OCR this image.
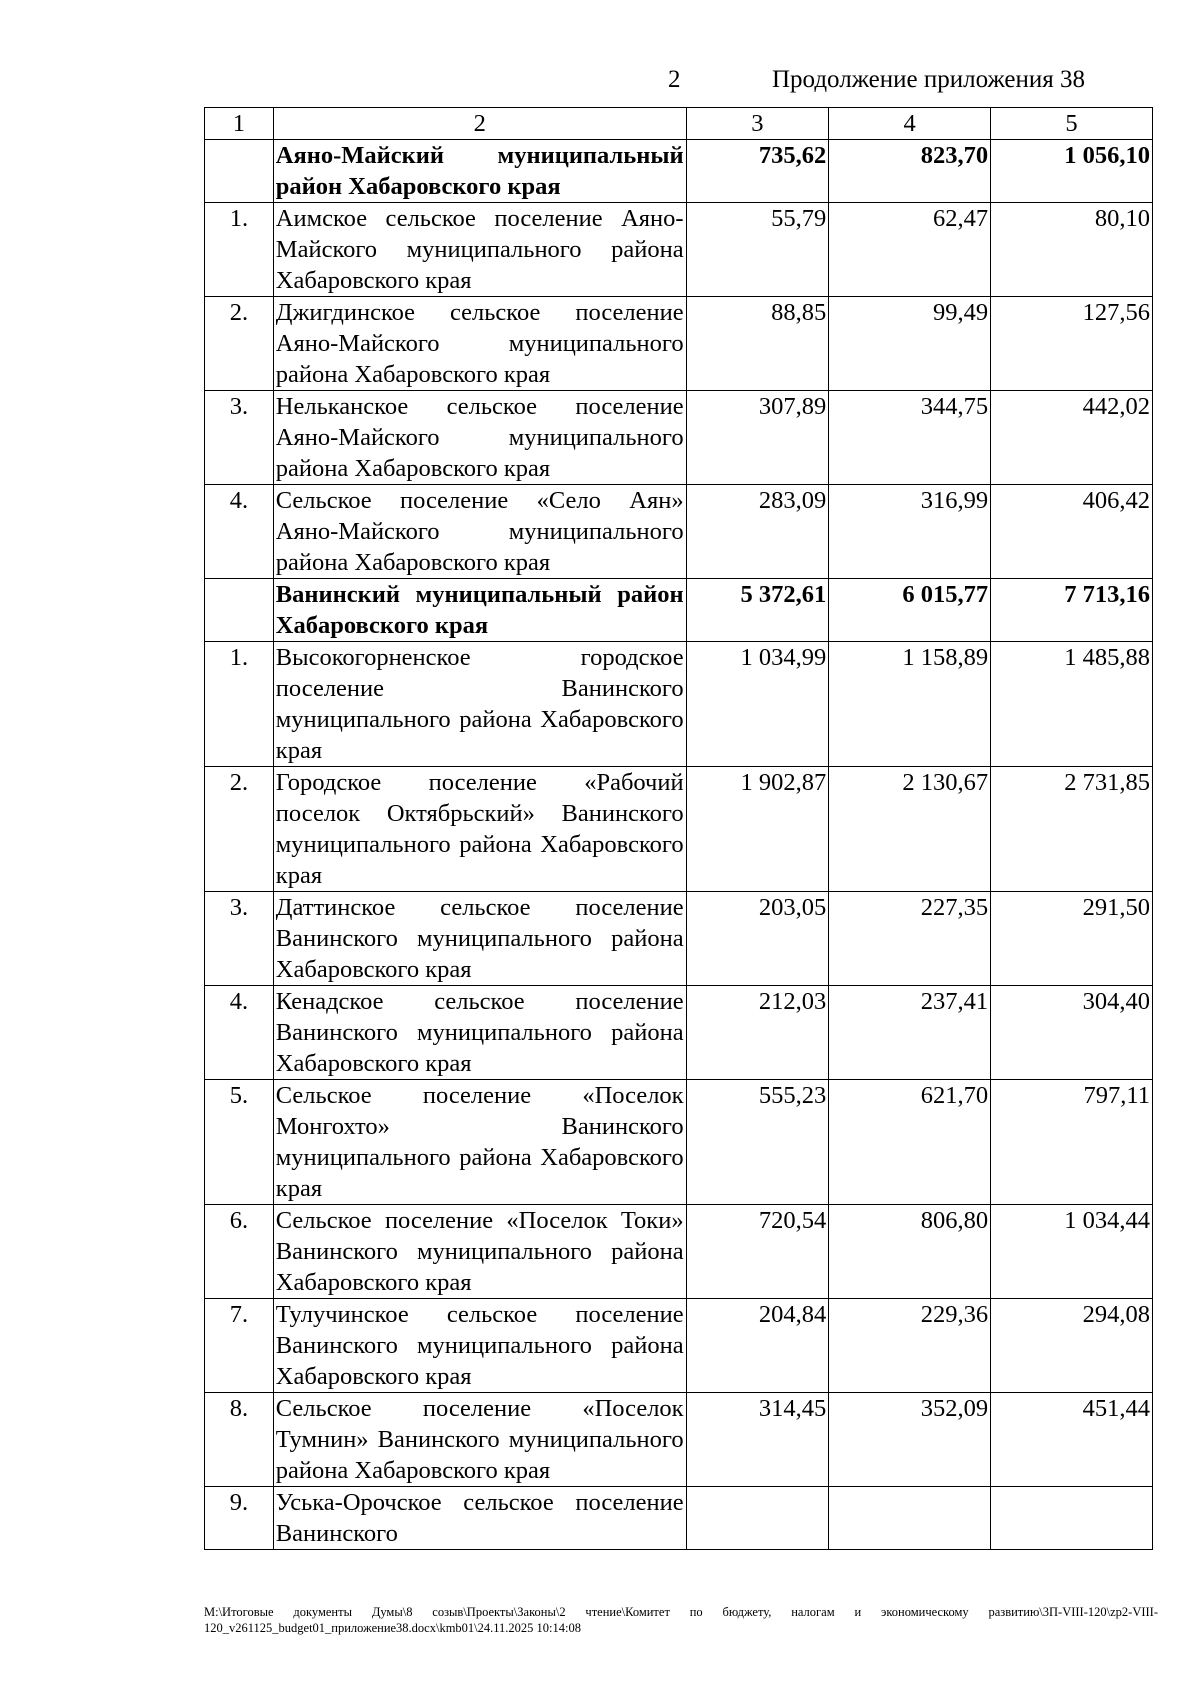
2	Продолжение приложения 38
1	2	3	4	5
	Аяно-Майский муниципальный район Хабаровского края	735,62	823,70	1 056,10
1.	Аимское сельское поселение Аяно-Майского муниципального района Хабаровского края	55,79	62,47	80,10
2.	Джигдинское сельское поселение Аяно-Майского муниципального района Хабаровского края	88,85	99,49	127,56
3.	Нельканское сельское поселение Аяно-Майского муниципального района Хабаровского края	307,89	344,75	442,02
4.	Сельское поселение «Село Аян» Аяно-Майского муниципального района Хабаровского края	283,09	316,99	406,42
	Ванинский муниципальный район Хабаровского края	5 372,61	6 015,77	7 713,16
1.	Высокогорненское городское поселение Ванинского муниципального района Хабаровского края	1 034,99	1 158,89	1 485,88
2.	Городское поселение «Рабочий поселок Октябрьский» Ванинского муниципального района Хабаровского края	1 902,87	2 130,67	2 731,85
3.	Даттинское сельское поселение Ванинского муниципального района Хабаровского края	203,05	227,35	291,50
4.	Кенадское сельское поселение Ванинского муниципального района Хабаровского края	212,03	237,41	304,40
5.	Сельское поселение «Поселок Монгохто» Ванинского муниципального района Хабаровского края	555,23	621,70	797,11
6.	Сельское поселение «Поселок Токи» Ванинского муниципального района Хабаровского края	720,54	806,80	1 034,44
7.	Тулучинское сельское поселение Ванинского муниципального района Хабаровского края	204,84	229,36	294,08
8.	Сельское поселение «Поселок Тумнин» Ванинского муниципального района Хабаровского края	314,45	352,09	451,44
9.	Уська-Орочское сельское поселение Ванинского			
M:\Итоговые документы Думы\8 созыв\Проекты\Законы\2 чтение\Комитет по бюджету, налогам и экономическому развитию\3П-VIII-120\zp2-VIII-120_v261125_budget01_приложение38.docx\kmb01\24.11.2025 10:14:08
